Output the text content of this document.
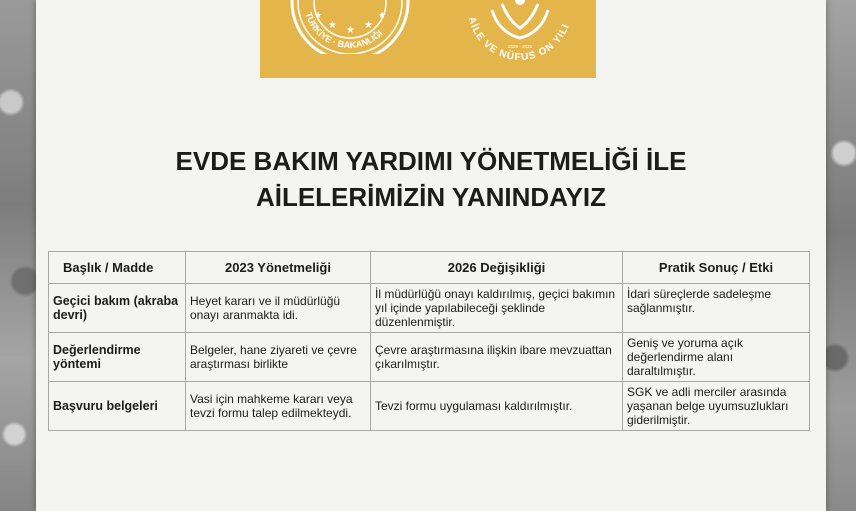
TÜRKİYE · BAKANLIĞI
★ ★ ★
★	★
2026 - 2035
AİLE VE NÜFUS ON YILI
EVDE BAKIM YARDIMI YÖNETMELİĞİ İLE
AİLELERİMİZİN YANINDAYIZ
Başlık / Madde	2023 Yönetmeliği	2026 Değişikliği	Pratik Sonuç / Etki
Geçici bakım (akraba devri)	Heyet kararı ve il müdürlüğü onayı aranmakta idi.	İl müdürlüğü onayı kaldırılmış, geçici bakımın yıl içinde yapılabileceği şeklinde düzenlenmiştir.	İdari süreçlerde sadeleşme sağlanmıştır.
Değerlendirme yöntemi	Belgeler, hane ziyareti ve çevre araştırması birlikte	Çevre araştırmasına ilişkin ibare mevzuattan çıkarılmıştır.	Geniş ve yoruma açık değerlendirme alanı daraltılmıştır.
Başvuru belgeleri	Vasi için mahkeme kararı veya tevzi formu talep edilmekteydi.	Tevzi formu uygulaması kaldırılmıştır.	SGK ve adli merciler arasında yaşanan belge uyumsuzlukları giderilmiştir.
